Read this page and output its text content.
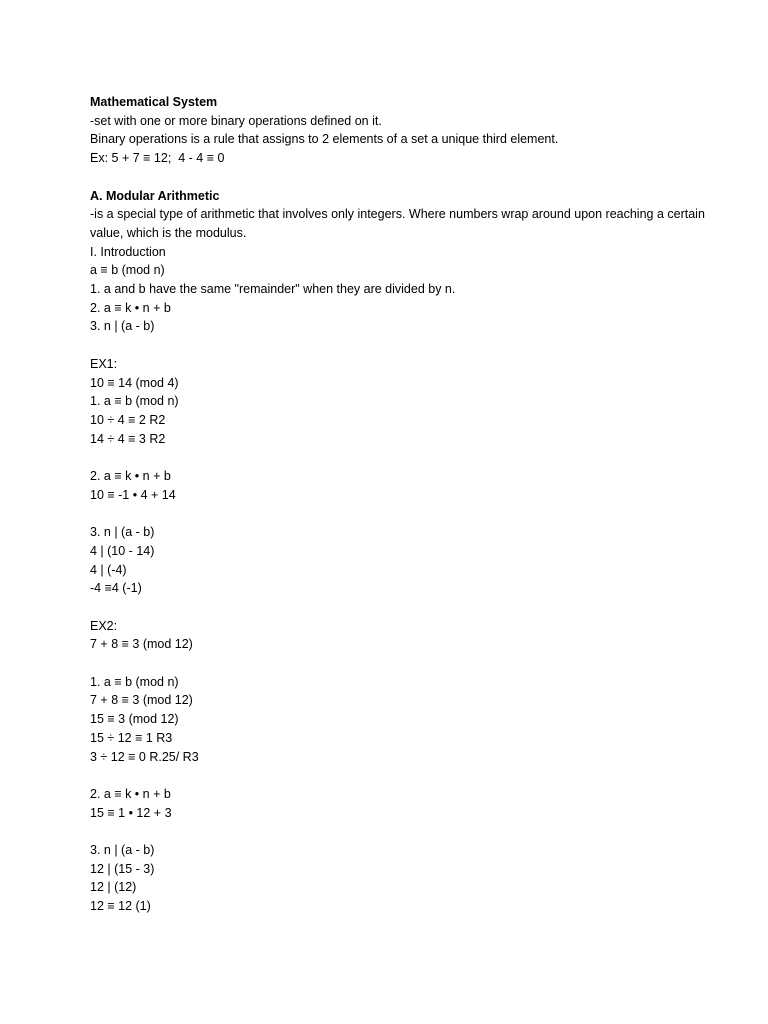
Mathematical System
-set with one or more binary operations defined on it.
Binary operations is a rule that assigns to 2 elements of a set a unique third element.
Ex: 5 + 7 ≡ 12;  4 - 4 ≡ 0
A. Modular Arithmetic
-is a special type of arithmetic that involves only integers. Where numbers wrap around upon reaching a certain value, which is the modulus.
I. Introduction
a ≡ b (mod n)
1. a and b have the same "remainder" when they are divided by n.
2. a ≡ k • n + b
3. n | (a - b)
EX1:
10 ≡ 14 (mod 4)
1. a ≡ b (mod n)
10 ÷ 4 ≡ 2 R2
14 ÷ 4 ≡ 3 R2
2. a ≡ k • n + b
10 ≡ -1 • 4 + 14
3. n | (a - b)
4 | (10 - 14)
4 | (-4)
-4 ≡4 (-1)
EX2:
7 + 8 ≡ 3 (mod 12)
1. a ≡ b (mod n)
7 + 8 ≡ 3 (mod 12)
15 ≡ 3 (mod 12)
15 ÷ 12 ≡ 1 R3
3 ÷ 12 ≡ 0 R.25/ R3
2. a ≡ k • n + b
15 ≡ 1 • 12 + 3
3. n | (a - b)
12 | (15 - 3)
12 | (12)
12 ≡ 12 (1)
